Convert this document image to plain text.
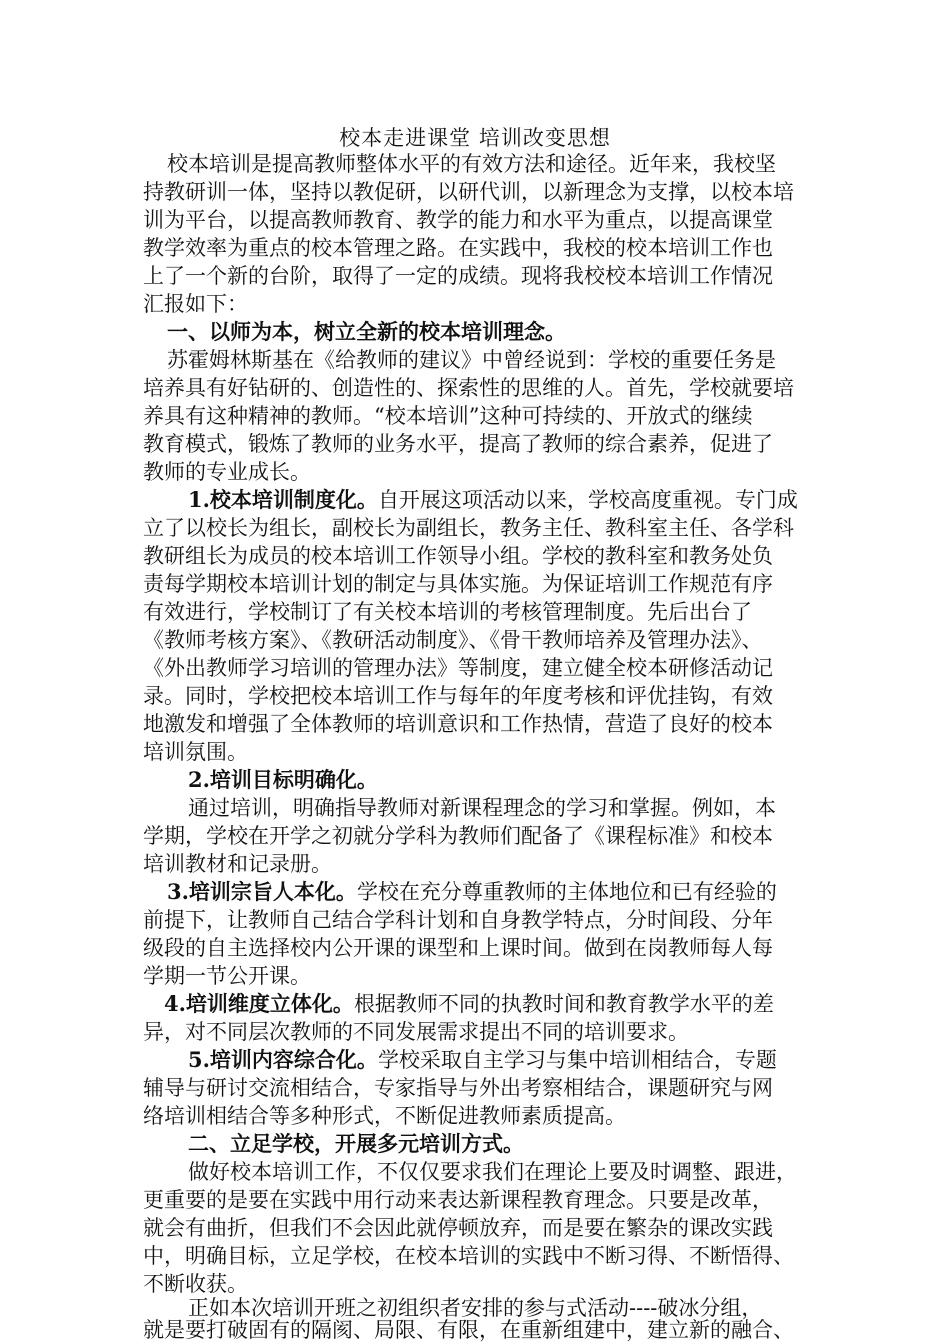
校本走进课堂 培训改变思想
校本培训是提高教师整体水平的有效方法和途径。近年来，我校坚
持教研训一体，坚持以教促研，以研代训，以新理念为支撑，以校本培
训为平台，以提高教师教育、教学的能力和水平为重点，以提高课堂
教学效率为重点的校本管理之路。在实践中，我校的校本培训工作也
上了一个新的台阶，取得了一定的成绩。现将我校校本培训工作情况
汇报如下：
一、以师为本，树立全新的校本培训理念。
苏霍姆林斯基在《给教师的建议》中曾经说到：学校的重要任务是
培养具有好钻研的、创造性的、探索性的思维的人。首先，学校就要培
养具有这种精神的教师。“校本培训”这种可持续的、开放式的继续
教育模式，锻炼了教师的业务水平，提高了教师的综合素养，促进了
教师的专业成长。
1.校本培训制度化。自开展这项活动以来，学校高度重视。专门成
立了以校长为组长，副校长为副组长，教务主任、教科室主任、各学科
教研组长为成员的校本培训工作领导小组。学校的教科室和教务处负
责每学期校本培训计划的制定与具体实施。为保证培训工作规范有序
有效进行，学校制订了有关校本培训的考核管理制度。先后出台了
《教师考核方案》、《教研活动制度》、《骨干教师培养及管理办法》、
《外出教师学习培训的管理办法》等制度，建立健全校本研修活动记
录。同时，学校把校本培训工作与每年的年度考核和评优挂钩，有效
地激发和增强了全体教师的培训意识和工作热情，营造了良好的校本
培训氛围。
2.培训目标明确化。
通过培训，明确指导教师对新课程理念的学习和掌握。例如，本
学期，学校在开学之初就分学科为教师们配备了《课程标准》和校本
培训教材和记录册。
3.培训宗旨人本化。学校在充分尊重教师的主体地位和已有经验的
前提下，让教师自己结合学科计划和自身教学特点，分时间段、分年
级段的自主选择校内公开课的课型和上课时间。做到在岗教师每人每
学期一节公开课。
4.培训维度立体化。根据教师不同的执教时间和教育教学水平的差
异，对不同层次教师的不同发展需求提出不同的培训要求。
5.培训内容综合化。学校采取自主学习与集中培训相结合，专题
辅导与研讨交流相结合，专家指导与外出考察相结合，课题研究与网
络培训相结合等多种形式，不断促进教师素质提高。
二、立足学校，开展多元培训方式。
做好校本培训工作，不仅仅要求我们在理论上要及时调整、跟进，
更重要的是要在实践中用行动来表达新课程教育理念。只要是改革，
就会有曲折，但我们不会因此就停顿放弃，而是要在繁杂的课改实践
中，明确目标，立足学校，在校本培训的实践中不断习得、不断悟得、
不断收获。
正如本次培训开班之初组织者安排的参与式活动----破冰分组，
就是要打破固有的隔阂、局限、有限，在重新组建中，建立新的融合、
